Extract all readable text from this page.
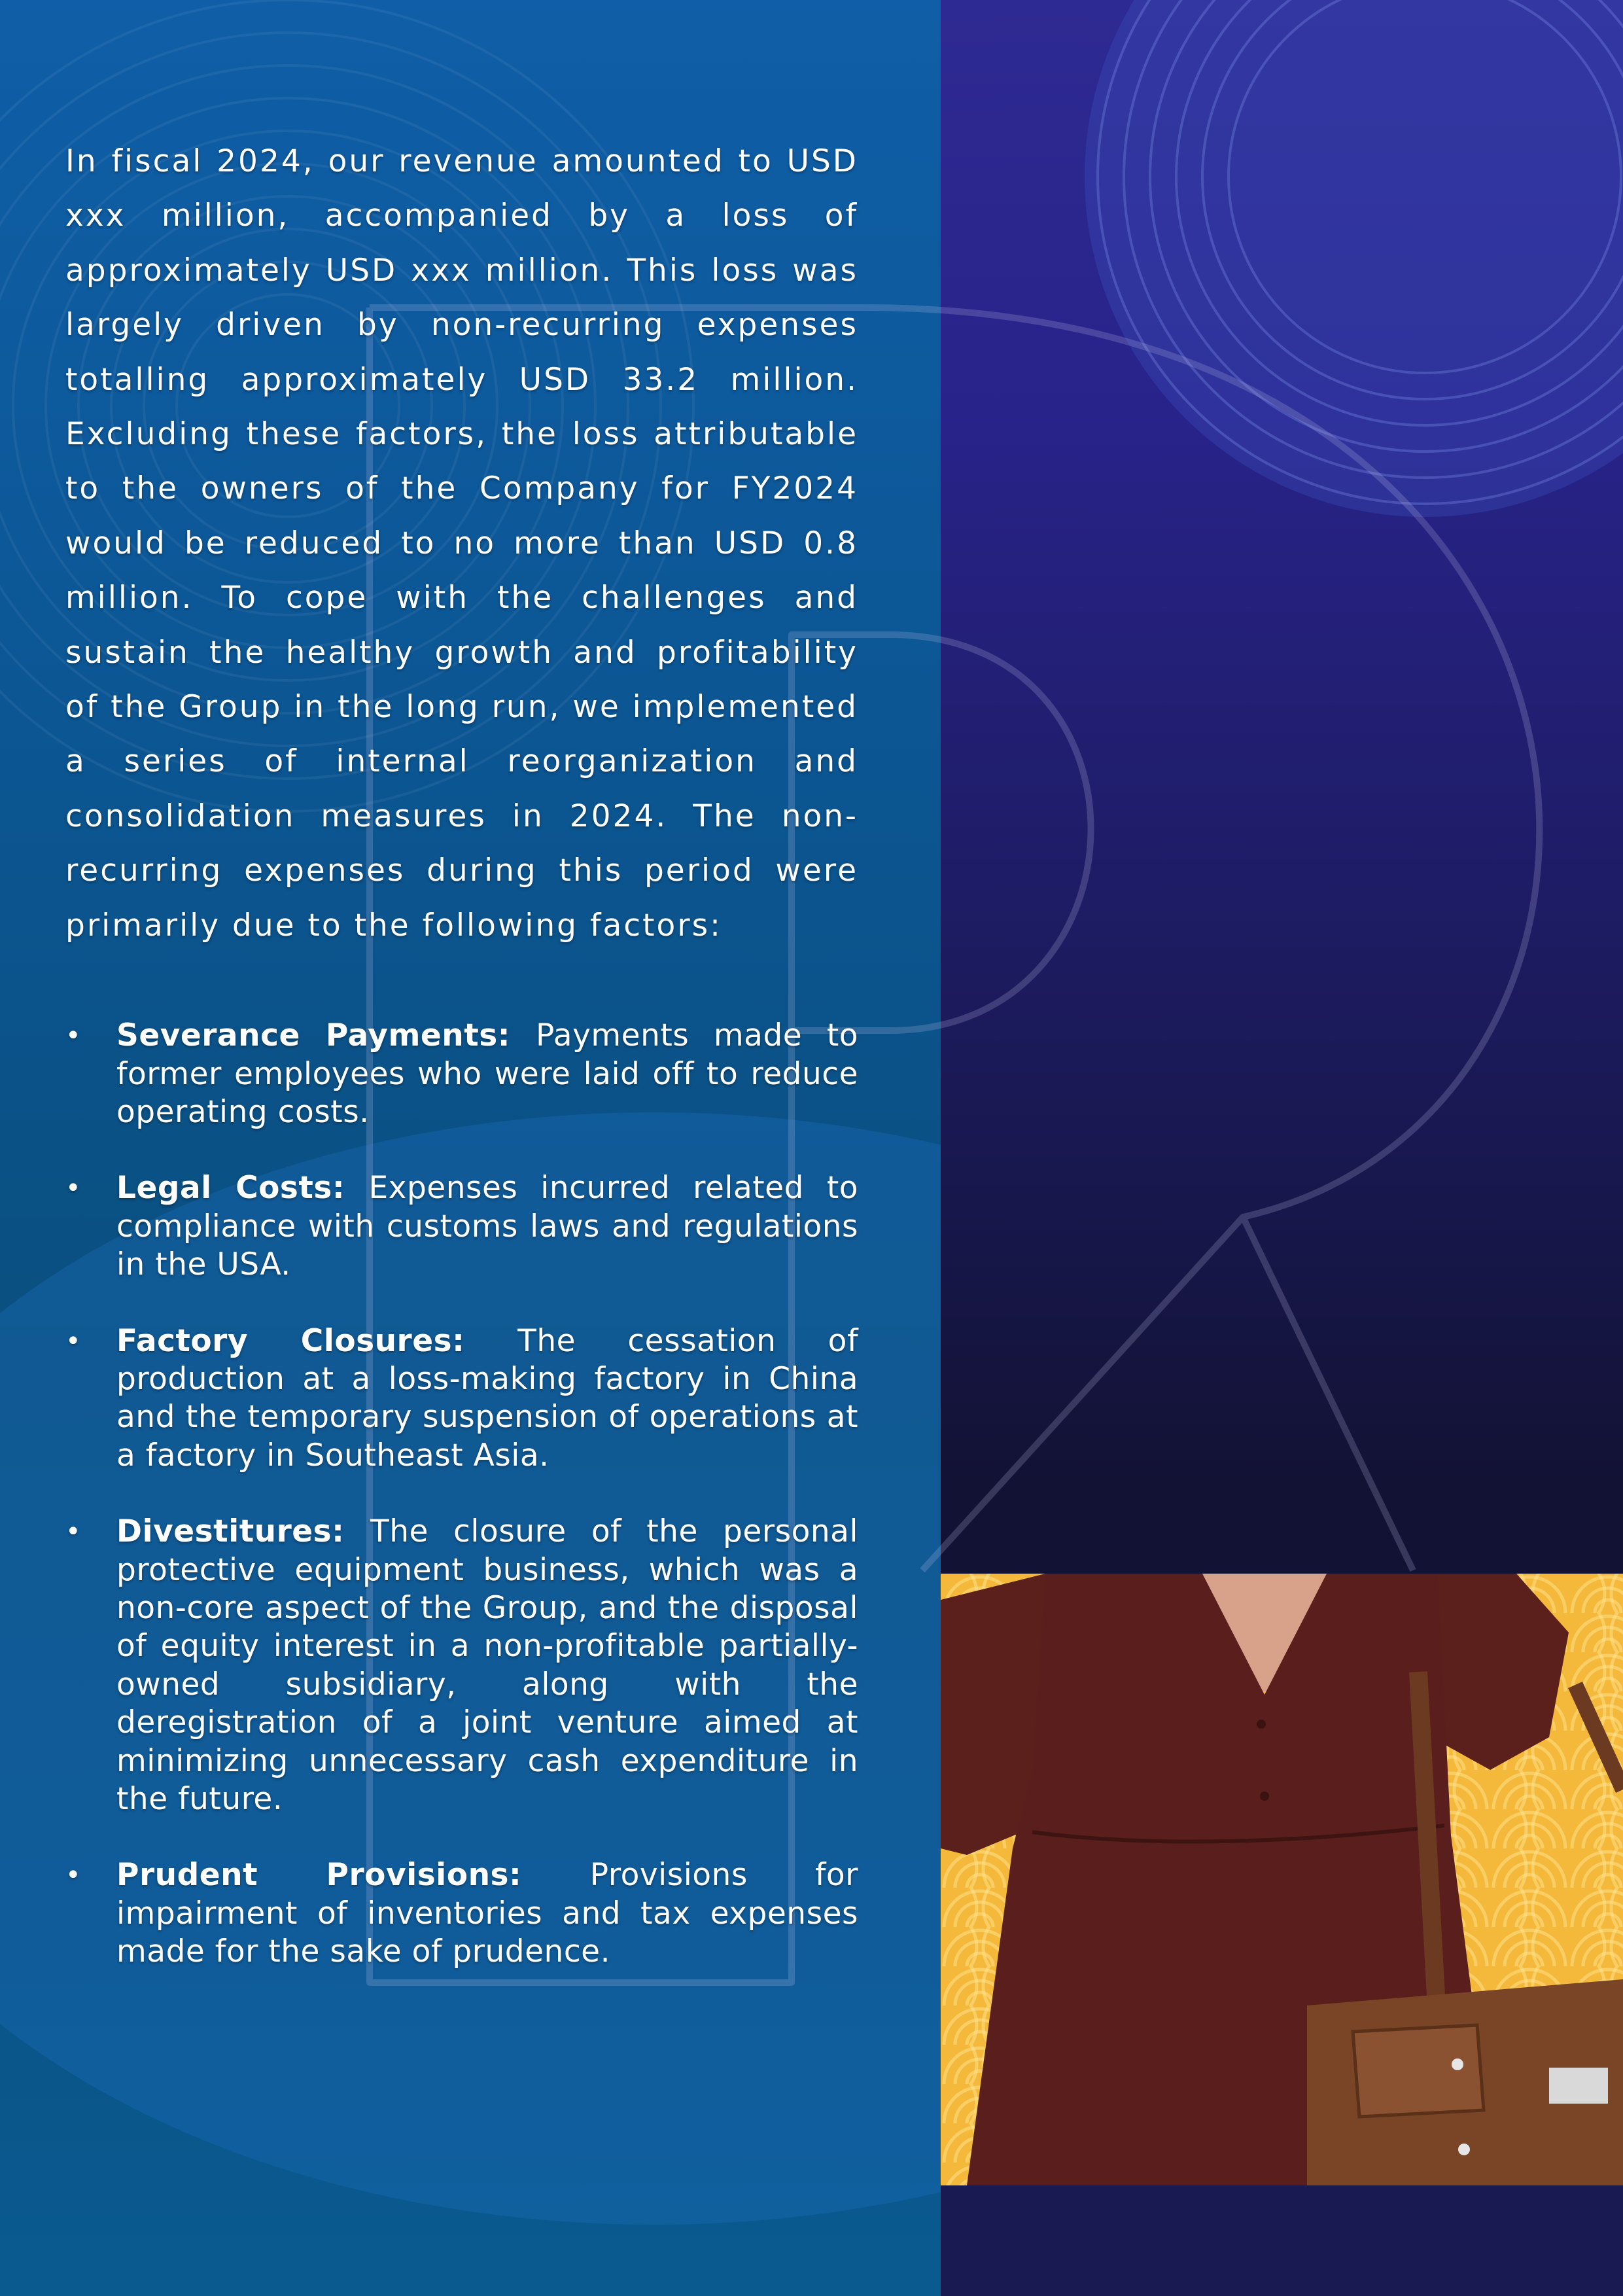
In fiscal 2024, our revenue amounted to USD xxx million, accompanied by a loss of approximately USD xxx million. This loss was largely driven by non-recurring expenses totalling approximately USD 33.2 million. Excluding these factors, the loss attributable to the owners of the Company for FY2024 would be reduced to no more than USD 0.8 million. To cope with the challenges and sustain the healthy growth and profitability of the Group in the long run, we implemented a series of internal reorganization and consolidation measures in 2024. The non-recurring expenses during this period were primarily due to the following factors:

• Severance Payments: Payments made to former employees who were laid off to reduce operating costs.
• Legal Costs: Expenses incurred related to compliance with customs laws and regulations in the USA.
• Factory Closures: The cessation of production at a loss-making factory in China and the temporary suspension of operations at a factory in Southeast Asia.
• Divestitures: The closure of the personal protective equipment business, which was a non-core aspect of the Group, and the disposal of equity interest in a non-profitable partially-owned subsidiary, along with the deregistration of a joint venture aimed at minimizing unnecessary cash expenditure in the future.
• Prudent Provisions: Provisions for impairment of inventories and tax expenses made for the sake of prudence.
